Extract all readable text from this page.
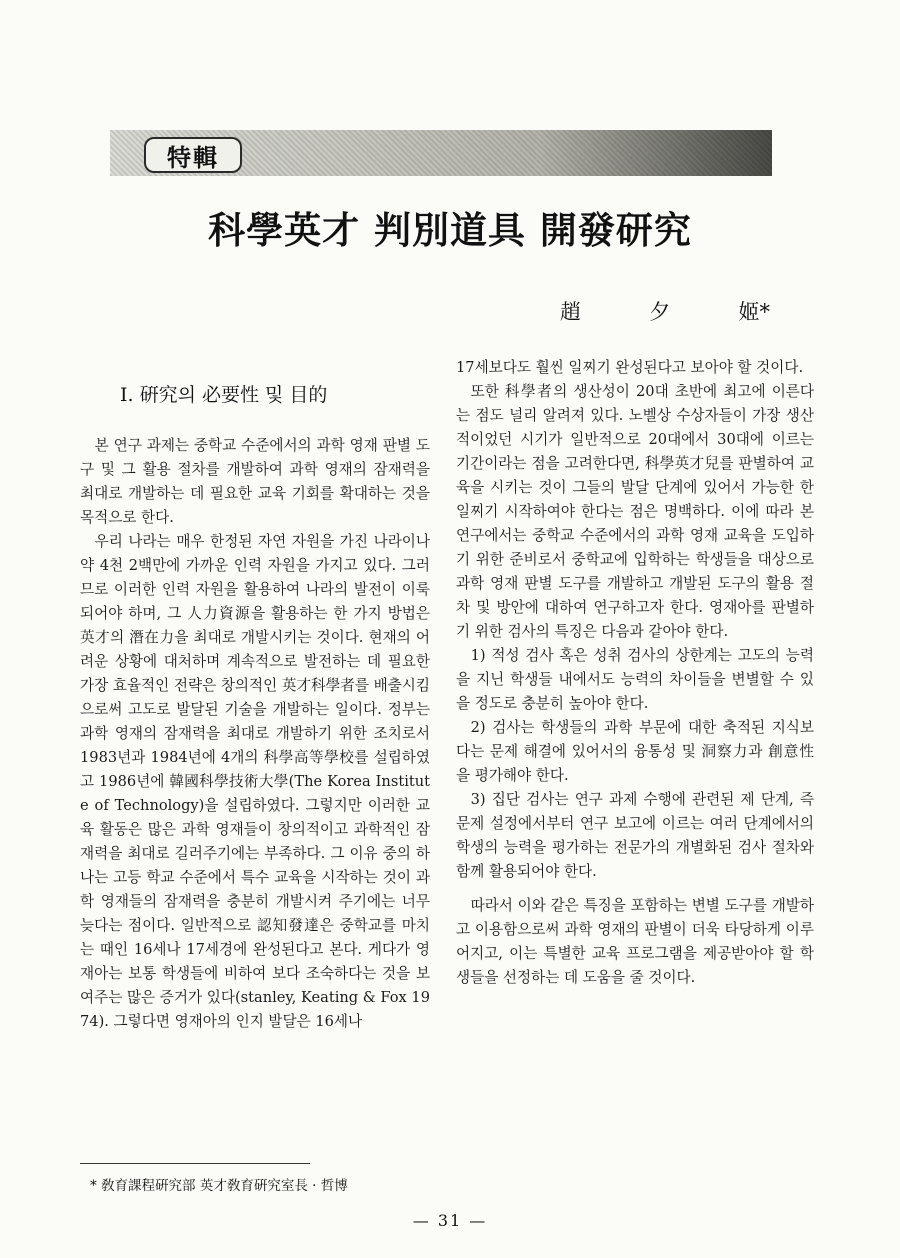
特輯
科學英才 判別道具 開發研究
趙	夕	姬*

Ⅰ. 硏究의 必要性 및 目的

본 연구 과제는 중학교 수준에서의 과학 영재 판별 도구 및 그 활용 절차를 개발하여 과학 영재의 잠재력을 최대로 개발하는 데 필요한 교육 기회를 확대하는 것을 목적으로 한다.

우리 나라는 매우 한정된 자연 자원을 가진 나라이나 약 4천 2백만에 가까운 인력 자원을 가지고 있다. 그러므로 이러한 인력 자원을 활용하여 나라의 발전이 이룩되어야 하며, 그 人力資源을 활용하는 한 가지 방법은 英才의 潛在力을 최대로 개발시키는 것이다. 현재의 어려운 상황에 대처하며 계속적으로 발전하는 데 필요한 가장 효율적인 전략은 창의적인 英才科學者를 배출시킴으로써 고도로 발달된 기술을 개발하는 일이다. 정부는 과학 영재의 잠재력을 최대로 개발하기 위한 조치로서 1983년과 1984년에 4개의 科學高等學校를 설립하였고 1986년에 韓國科學技術大學(The Korea Institute of Technology)을 설립하였다. 그렇지만 이러한 교육 활동은 많은 과학 영재들이 창의적이고 과학적인 잠재력을 최대로 길러주기에는 부족하다. 그 이유 중의 하나는 고등 학교 수준에서 특수 교육을 시작하는 것이 과학 영재들의 잠재력을 충분히 개발시켜 주기에는 너무 늦다는 점이다. 일반적으로 認知發達은 중학교를 마치는 때인 16세나 17세경에 완성된다고 본다. 게다가 영재아는 보통 학생들에 비하여 보다 조숙하다는 것을 보여주는 많은 증거가 있다(stanley, Keating & Fox 1974). 그렇다면 영재아의 인지 발달은 16세나

17세보다도 훨씬 일찌기 완성된다고 보아야 할 것이다.

또한 科學者의 생산성이 20대 초반에 최고에 이른다는 점도 널리 알려져 있다. 노벨상 수상자들이 가장 생산적이었던 시기가 일반적으로 20대에서 30대에 이르는 기간이라는 점을 고려한다면, 科學英才兒를 판별하여 교육을 시키는 것이 그들의 발달 단계에 있어서 가능한 한 일찌기 시작하여야 한다는 점은 명백하다. 이에 따라 본 연구에서는 중학교 수준에서의 과학 영재 교육을 도입하기 위한 준비로서 중학교에 입학하는 학생들을 대상으로 과학 영재 판별 도구를 개발하고 개발된 도구의 활용 절차 및 방안에 대하여 연구하고자 한다. 영재아를 판별하기 위한 검사의 특징은 다음과 같아야 한다.

1) 적성 검사 혹은 성취 검사의 상한계는 고도의 능력을 지닌 학생들 내에서도 능력의 차이들을 변별할 수 있을 정도로 충분히 높아야 한다.

2) 검사는 학생들의 과학 부문에 대한 축적된 지식보다는 문제 해결에 있어서의 융통성 및 洞察力과 創意性을 평가해야 한다.

3) 집단 검사는 연구 과제 수행에 관련된 제 단계, 즉 문제 설정에서부터 연구 보고에 이르는 여러 단계에서의 학생의 능력을 평가하는 전문가의 개별화된 검사 절차와 함께 활용되어야 한다.

따라서 이와 같은 특징을 포함하는 변별 도구를 개발하고 이용함으로써 과학 영재의 판별이 더욱 타당하게 이루어지고, 이는 특별한 교육 프로그램을 제공받아야 할 학생들을 선정하는 데 도움을 줄 것이다.

* 敎育課程硏究部 英才敎育硏究室長 · 哲博
— 31 —
